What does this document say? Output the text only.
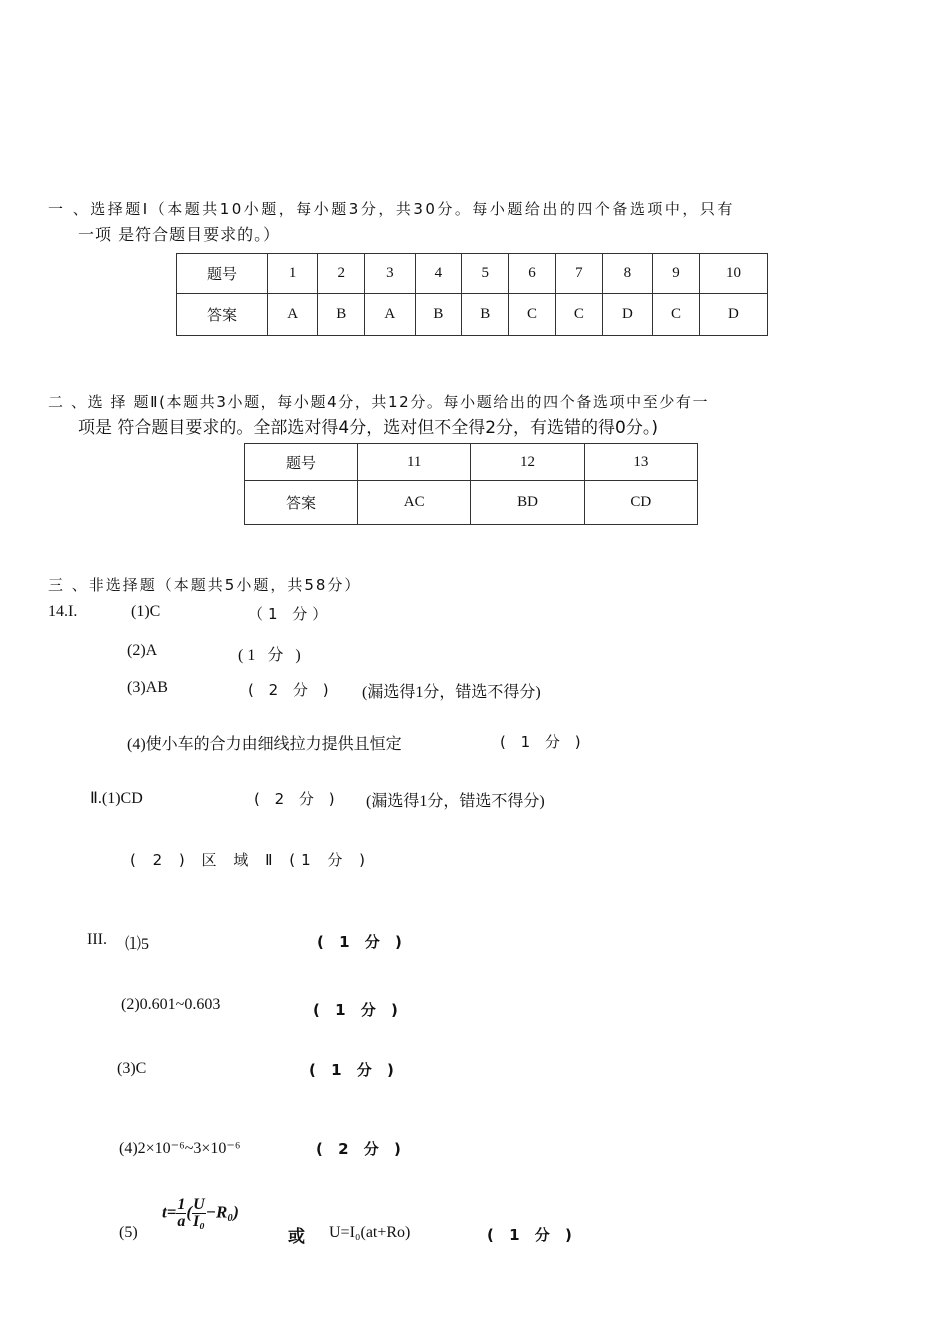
一 、选择题Ⅰ（本题共10小题，每小题3分，共30分。每小题给出的四个备选项中，只有
一项 是符合题目要求的。）
题号	1	2	3	4	5	6	7	8	9	10
答案	A	B	A	B	B	C	C	D	C	D
二 、选 择 题Ⅱ(本题共3小题，每小题4分，共12分。每小题给出的四个备选项中至少有一
项是 符合题目要求的。全部选对得4分，选对但不全得2分，有选错的得0分。)
题号	11	12	13
答案	AC	BD	CD
三 、非选择题（本题共5小题，共58分）
14.I.	(1)C	（1 分）
(2)A	(1 分 )
(3)AB	( 2 分 ) (漏选得1分，错选不得分)
(4)使小车的合力由细线拉力提供且恒定	( 1 分 )
Ⅱ.(1)CD	( 2 分 ) (漏选得1分，错选不得分)
( 2 ) 区 域 Ⅱ (1 分 )
III. ⑴5	( 1 分 )
(2)0.601~0.603	( 1 分 )
(3)C	( 1 分 )
(4)2×10⁻⁶~3×10⁻⁶	( 2 分 )
(5)
$t= \frac{1}{a}$ ( $\frac{U}{\text{I₀}} -R_0$)
或 U=I₀(at+Ro)	( 1 分 )
